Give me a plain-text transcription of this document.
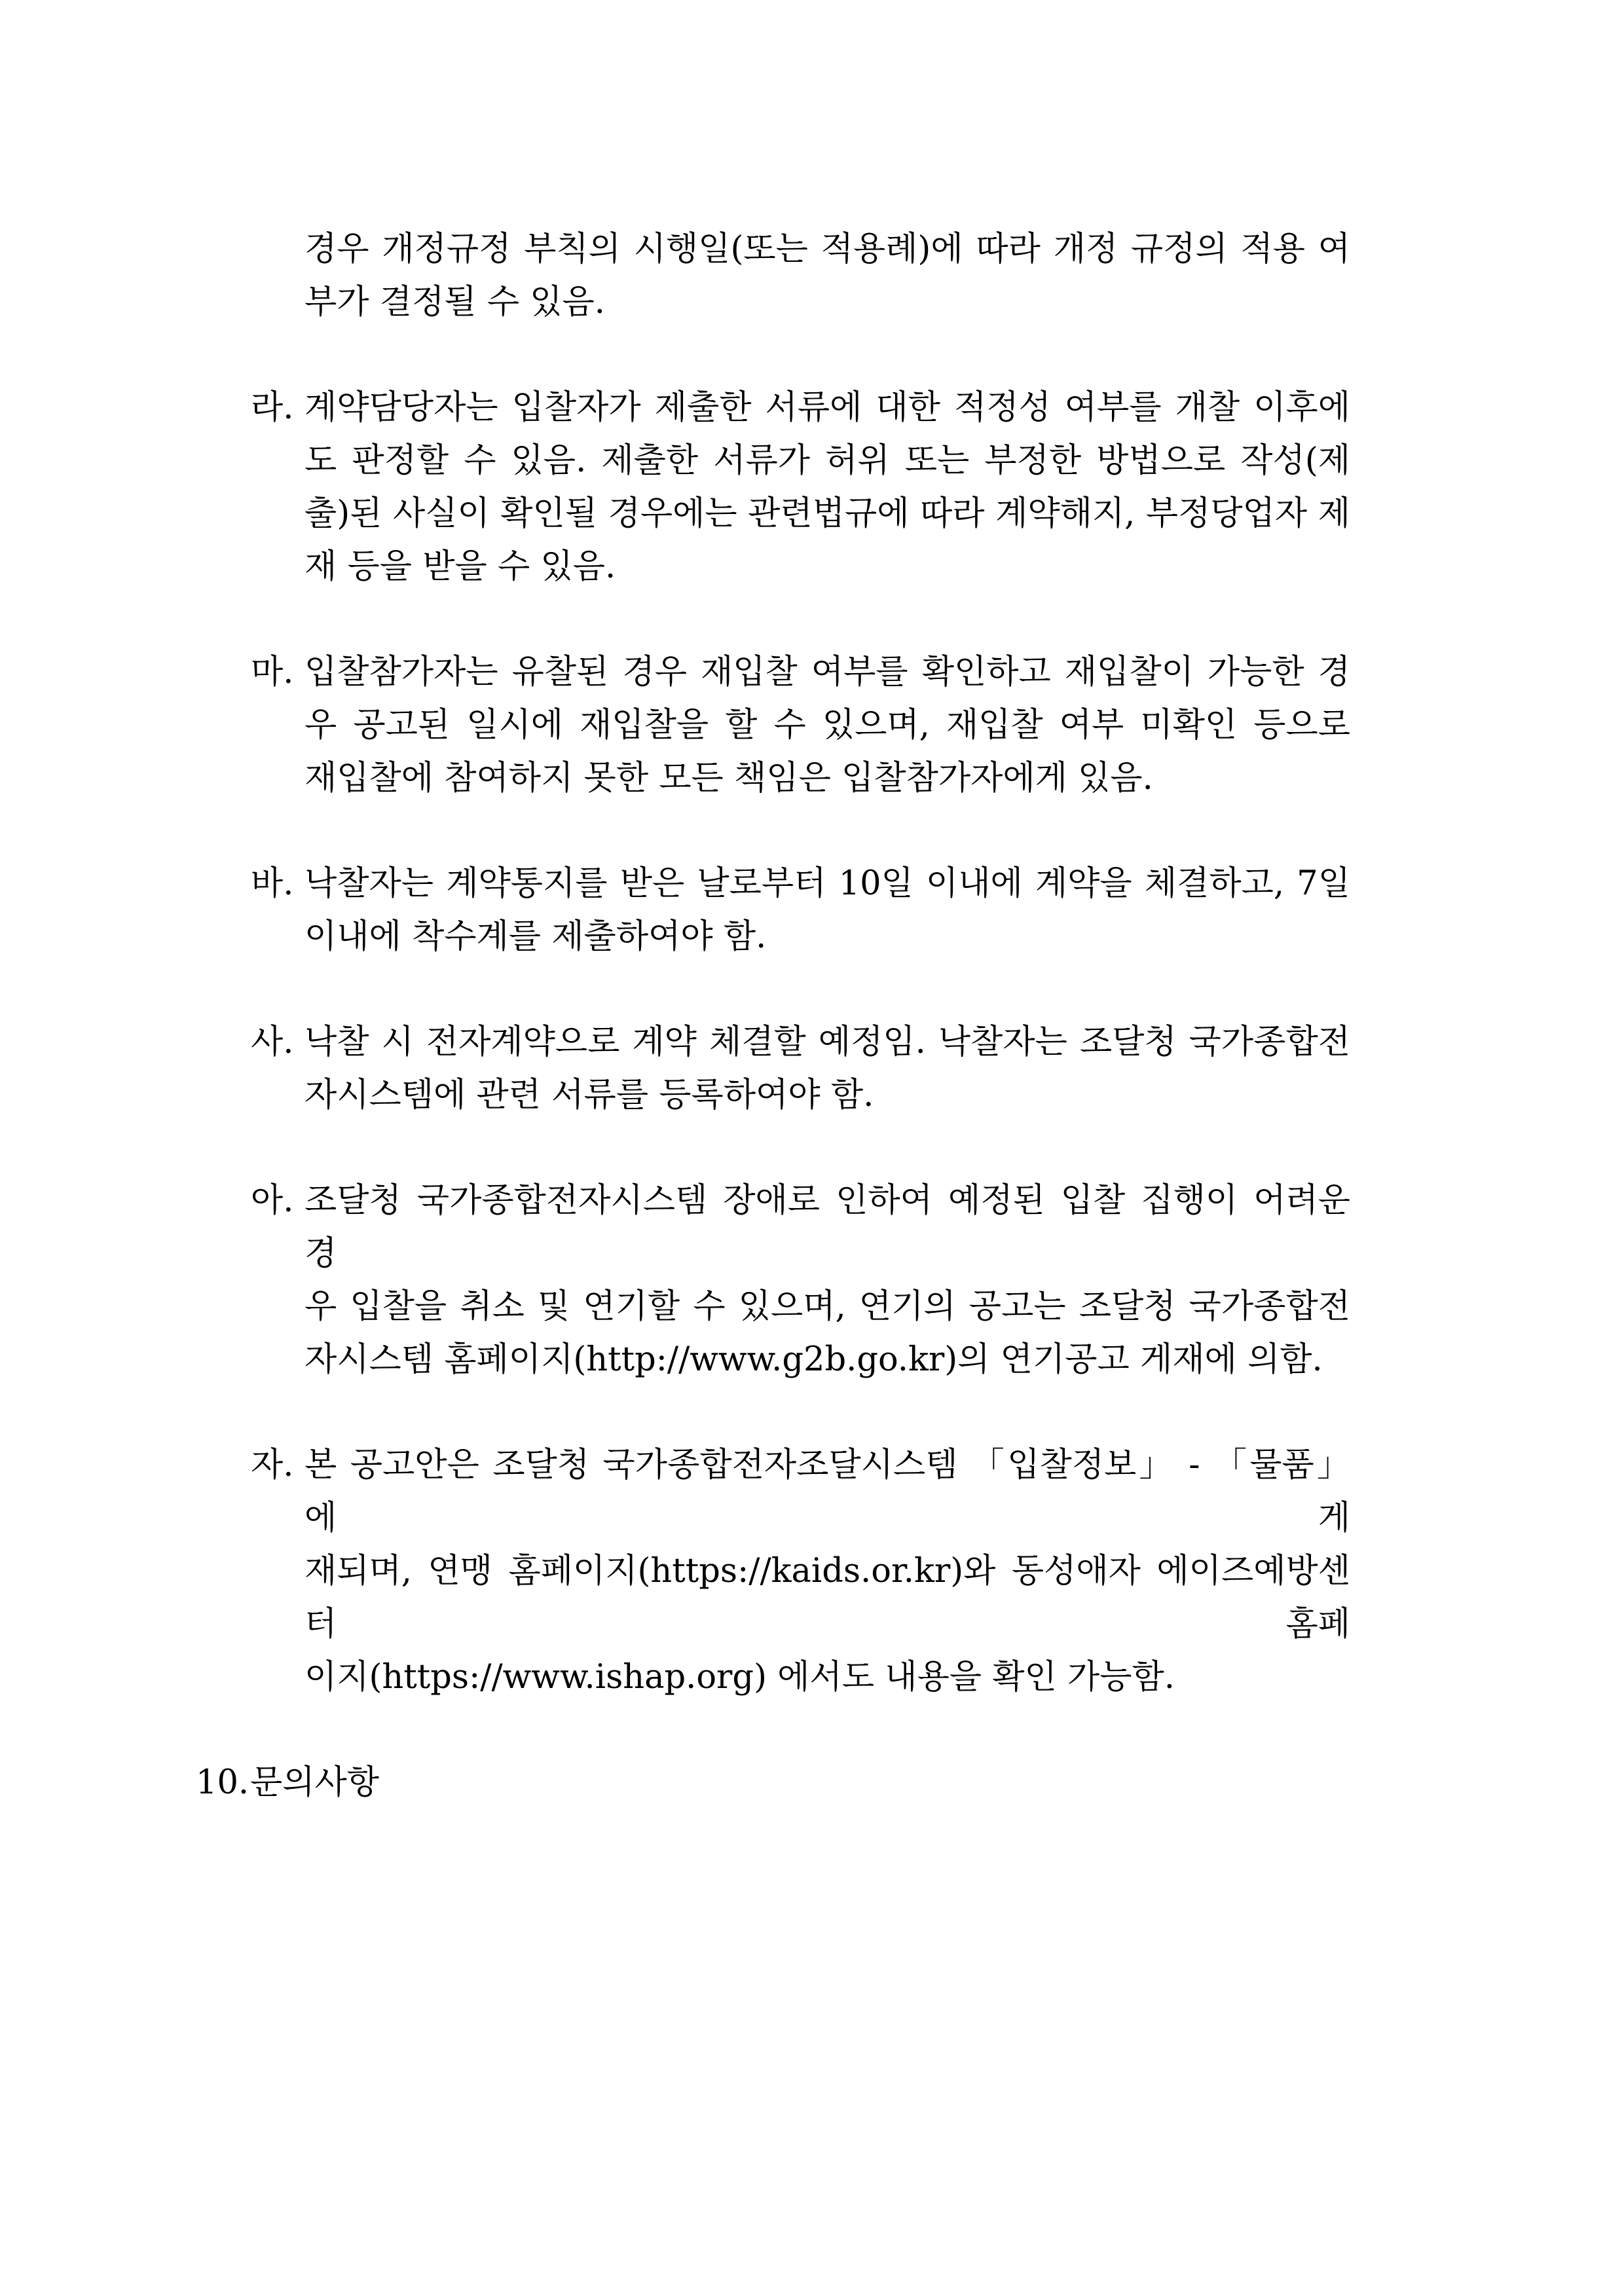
경우 개정규정 부칙의 시행일(또는 적용례)에 따라 개정 규정의 적용 여
부가 결정될 수 있음.
라. 계약담당자는 입찰자가 제출한 서류에 대한 적정성 여부를 개찰 이후에
도 판정할 수 있음. 제출한 서류가 허위 또는 부정한 방법으로 작성(제
출)된 사실이 확인될 경우에는 관련법규에 따라 계약해지, 부정당업자 제
재 등을 받을 수 있음.
마. 입찰참가자는 유찰된 경우 재입찰 여부를 확인하고 재입찰이 가능한 경
우 공고된 일시에 재입찰을 할 수 있으며, 재입찰 여부 미확인 등으로
재입찰에 참여하지 못한 모든 책임은 입찰참가자에게 있음.
바. 낙찰자는 계약통지를 받은 날로부터 10일 이내에 계약을 체결하고, 7일
이내에 착수계를 제출하여야 함.
사. 낙찰 시 전자계약으로 계약 체결할 예정임. 낙찰자는 조달청 국가종합전
자시스템에 관련 서류를 등록하여야 함.
아. 조달청 국가종합전자시스템 장애로 인하여 예정된 입찰 집행이 어려운 경
우 입찰을 취소 및 연기할 수 있으며, 연기의 공고는 조달청 국가종합전
자시스템 홈페이지(http://www.g2b.go.kr)의 연기공고 게재에 의함.
자. 본 공고안은 조달청 국가종합전자조달시스템 「입찰정보」 - 「물품」 에 게
재되며, 연맹 홈페이지(https://kaids.or.kr)와 동성애자 에이즈예방센터 홈페
이지(https://www.ishap.org) 에서도 내용을 확인 가능함.
10. 문의사항
